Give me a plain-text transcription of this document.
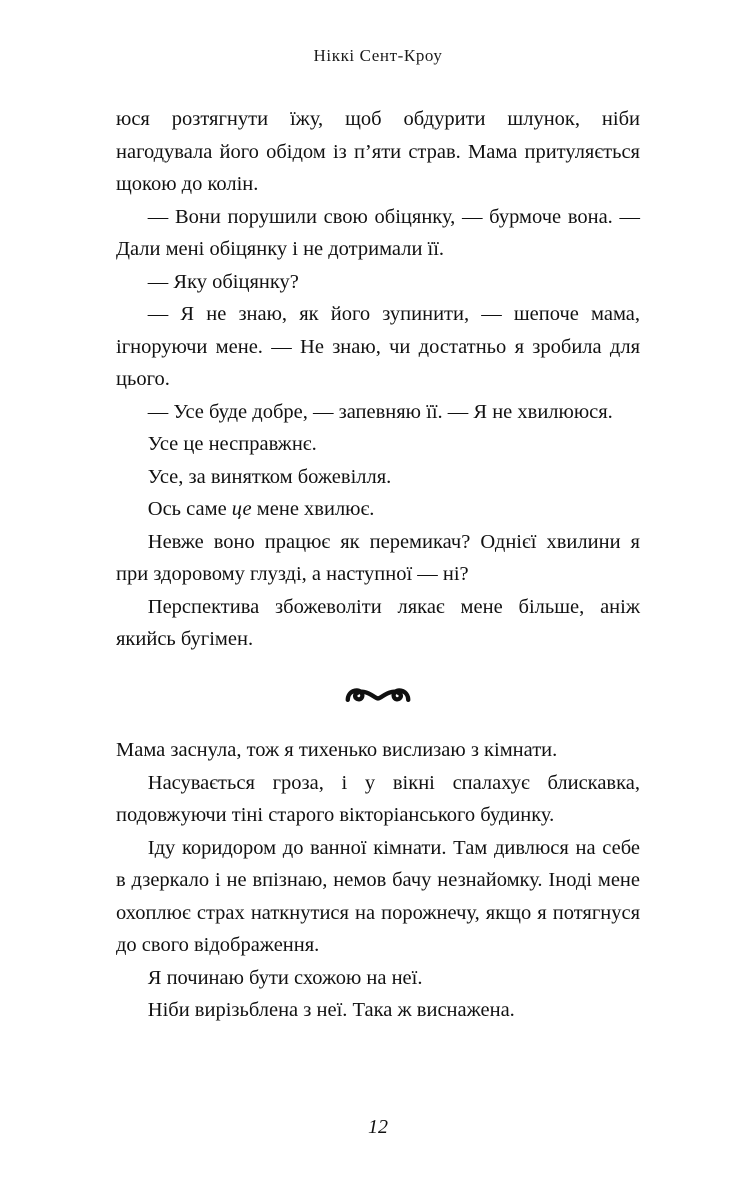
Ніккі Сент-Кроу

юся розтягнути їжу, щоб обдурити шлунок, ніби нагодувала його обідом із п’яти страв. Мама притуляється щокою до колін.

— Вони порушили свою обіцянку, — бурмоче вона. — Дали мені обіцянку і не дотримали її.

— Яку обіцянку?

— Я не знаю, як його зупинити, — шепоче мама, ігноруючи мене. — Не знаю, чи достатньо я зробила для цього.

— Усе буде добре, — запевняю її. — Я не хвилююся.

Усе це несправжнє.

Усе, за винятком божевілля.

Ось саме це мене хвилює.

Невже воно працює як перемикач? Однієї хвилини я при здоровому глузді, а наступної — ні?

Перспектива збожеволіти лякає мене більше, аніж якийсь бугімен.

Мама заснула, тож я тихенько вислизаю з кімнати.

Насувається гроза, і у вікні спалахує блискавка, подовжуючи тіні старого вікторіанського будинку.

Іду коридором до ванної кімнати. Там дивлюся на себе в дзеркало і не впізнаю, немов бачу незнайомку. Іноді мене охоплює страх наткнутися на порожнечу, якщо я потягнуся до свого відображення.

Я починаю бути схожою на неї.

Ніби вирізьблена з неї. Така ж виснажена.

12
